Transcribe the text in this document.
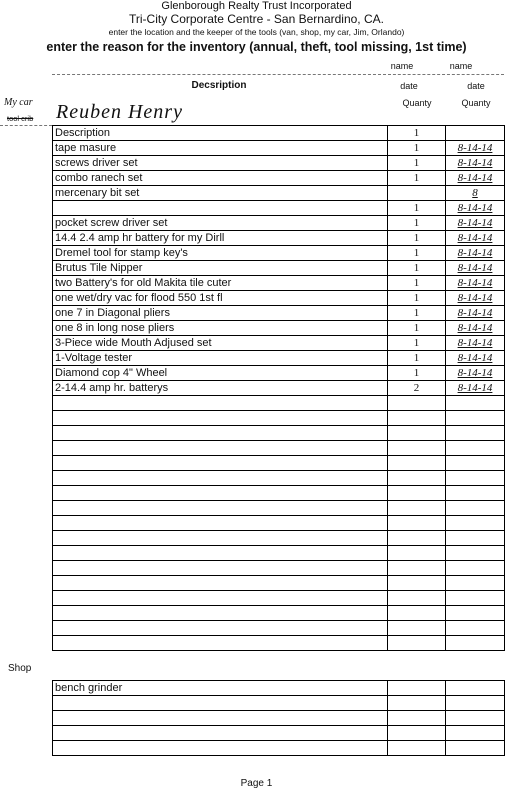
Glenborough Realty Trust Incorporated
Tri-City Corporate Centre - San Bernardino, CA.
enter the location and the keeper of the tools (van, shop, my car, Jim, Orlando)
enter the reason for the inventory (annual, theft, tool missing, 1st time)
name	name
Decsription	date	date
Quanty	Quanty
My car
tool crib Reuben Henry
Description	1	
tape masure	1	8-14-14
screws driver set	1	8-14-14
combo ranech set	1	8-14-14
mercenary bit set		8
	1	8-14-14
pocket screw driver set	1	8-14-14
14.4 2.4 amp hr battery for my Dirll	1	8-14-14
Dremel tool for stamp key's	1	8-14-14
Brutus Tile Nipper	1	8-14-14
two Battery's for old Makita tile cuter	1	8-14-14
one wet/dry vac for flood 550 1st fl	1	8-14-14
one 7 in Diagonal pliers	1	8-14-14
one 8 in long nose pliers	1	8-14-14
3-Piece wide Mouth Adjused set	1	8-14-14
1-Voltage tester	1	8-14-14
Diamond cop 4" Wheel	1	8-14-14
2-14.4 amp hr. batterys	2	8-14-14

Shop
bench grinder		

Page 1
